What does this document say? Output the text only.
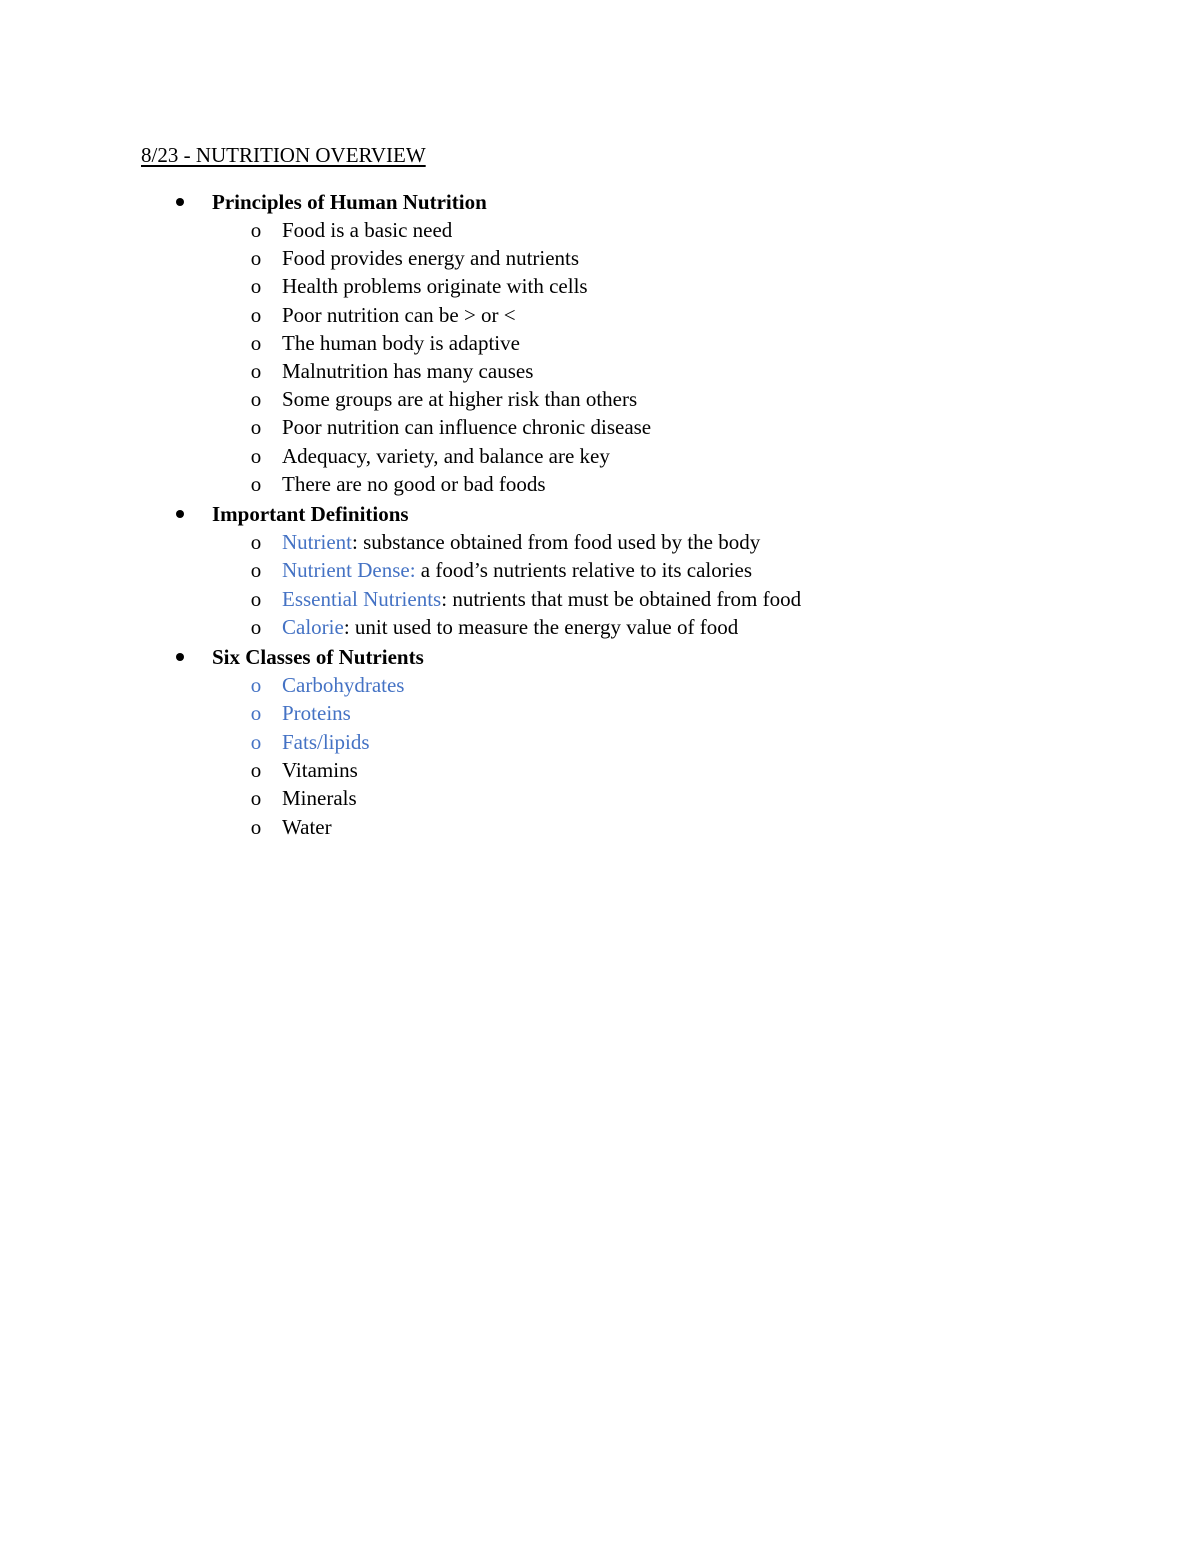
8/23 - NUTRITION OVERVIEW
Principles of Human Nutrition
o Food is a basic need
o Food provides energy and nutrients
o Health problems originate with cells
o Poor nutrition can be > or <
o The human body is adaptive
o Malnutrition has many causes
o Some groups are at higher risk than others
o Poor nutrition can influence chronic disease
o Adequacy, variety, and balance are key
o There are no good or bad foods
Important Definitions
o Nutrient: substance obtained from food used by the body
o Nutrient Dense: a food’s nutrients relative to its calories
o Essential Nutrients: nutrients that must be obtained from food
o Calorie: unit used to measure the energy value of food
Six Classes of Nutrients
o Carbohydrates
o Proteins
o Fats/lipids
o Vitamins
o Minerals
o Water
